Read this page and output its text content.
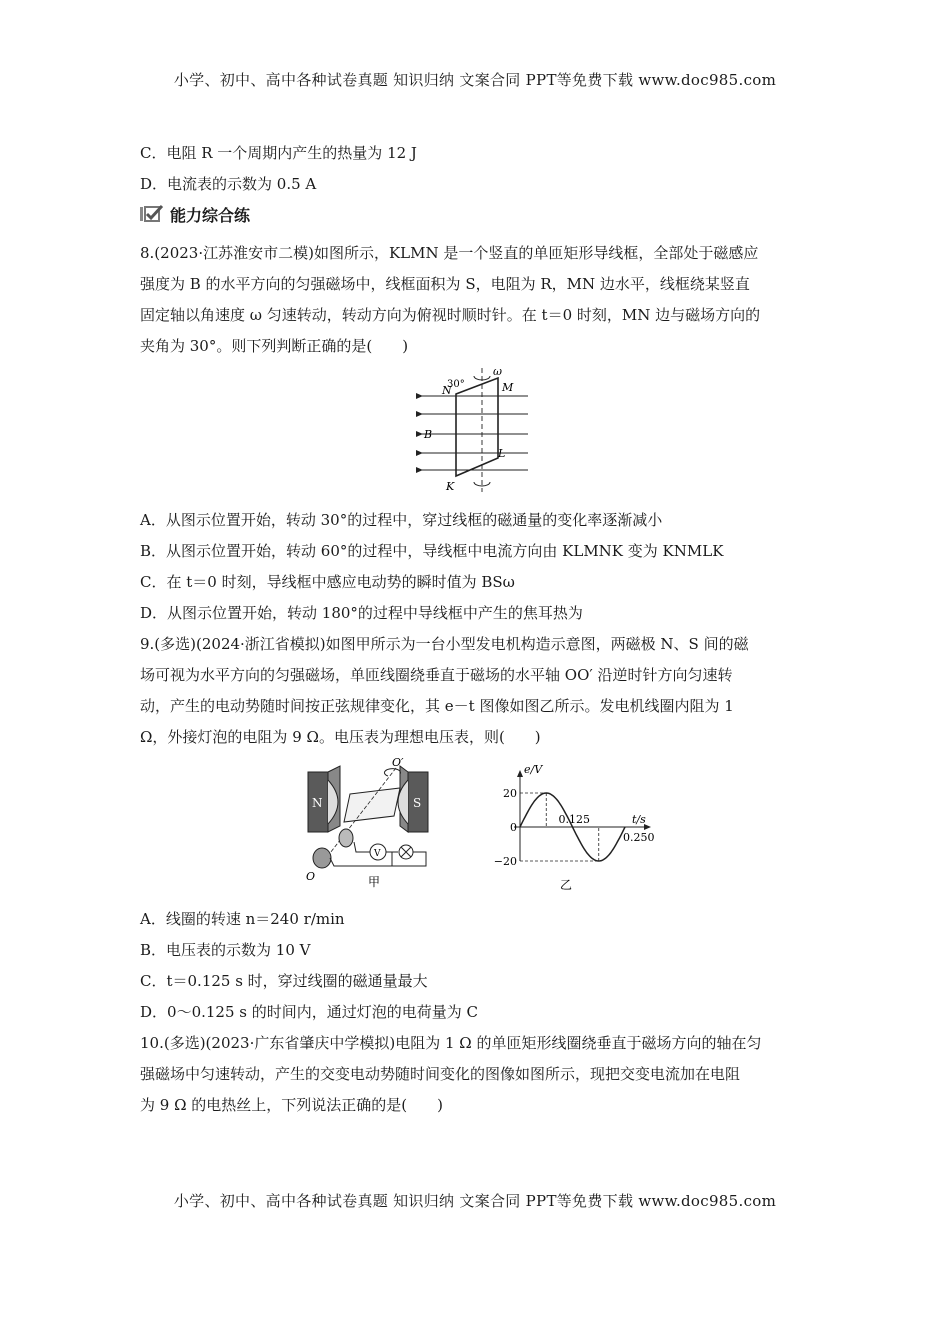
小学、初中、高中各种试卷真题 知识归纳 文案合同 PPT等免费下载 www.doc985.com
C．电阻 R 一个周期内产生的热量为 12 J
D．电流表的示数为 0.5 A
能力综合练
8.(2023·江苏淮安市二模)如图所示，KLMN 是一个竖直的单匝矩形导线框，全部处于磁感应
强度为 B 的水平方向的匀强磁场中，线框面积为 S，电阻为 R，MN 边水平，线框绕某竖直
固定轴以角速度 ω 匀速转动，转动方向为俯视时顺时针。在 t＝0 时刻，MN 边与磁场方向的
夹角为 30°。则下列判断正确的是(　　)
ω
M
N
30°
B
L
K
A．从图示位置开始，转动 30°的过程中，穿过线框的磁通量的变化率逐渐减小
B．从图示位置开始，转动 60°的过程中，导线框中电流方向由 KLMNK 变为 KNMLK
C．在 t＝0 时刻，导线框中感应电动势的瞬时值为 BSω
D．从图示位置开始，转动 180°的过程中导线框中产生的焦耳热为
9.(多选)(2024·浙江省模拟)如图甲所示为一台小型发电机构造示意图，两磁极 N、S 间的磁
场可视为水平方向的匀强磁场，单匝线圈绕垂直于磁场的水平轴 OO′ 沿逆时针方向匀速转
动，产生的电动势随时间按正弦规律变化，其 e－t 图像如图乙所示。发电机线圈内阻为 1
Ω，外接灯泡的电阻为 9 Ω。电压表为理想电压表，则(　　)
V
N	S
O′
O	甲
e/V
t/s
20
0
−20
0.125
0.250
乙
A．线圈的转速 n＝240 r/min
B．电压表的示数为 10 V
C．t＝0.125 s 时，穿过线圈的磁通量最大
D．0～0.125 s 的时间内，通过灯泡的电荷量为 C
10.(多选)(2023·广东省肇庆中学模拟)电阻为 1 Ω 的单匝矩形线圈绕垂直于磁场方向的轴在匀
强磁场中匀速转动，产生的交变电动势随时间变化的图像如图所示，现把交变电流加在电阻
为 9 Ω 的电热丝上，下列说法正确的是(　　)
小学、初中、高中各种试卷真题 知识归纳 文案合同 PPT等免费下载 www.doc985.com
